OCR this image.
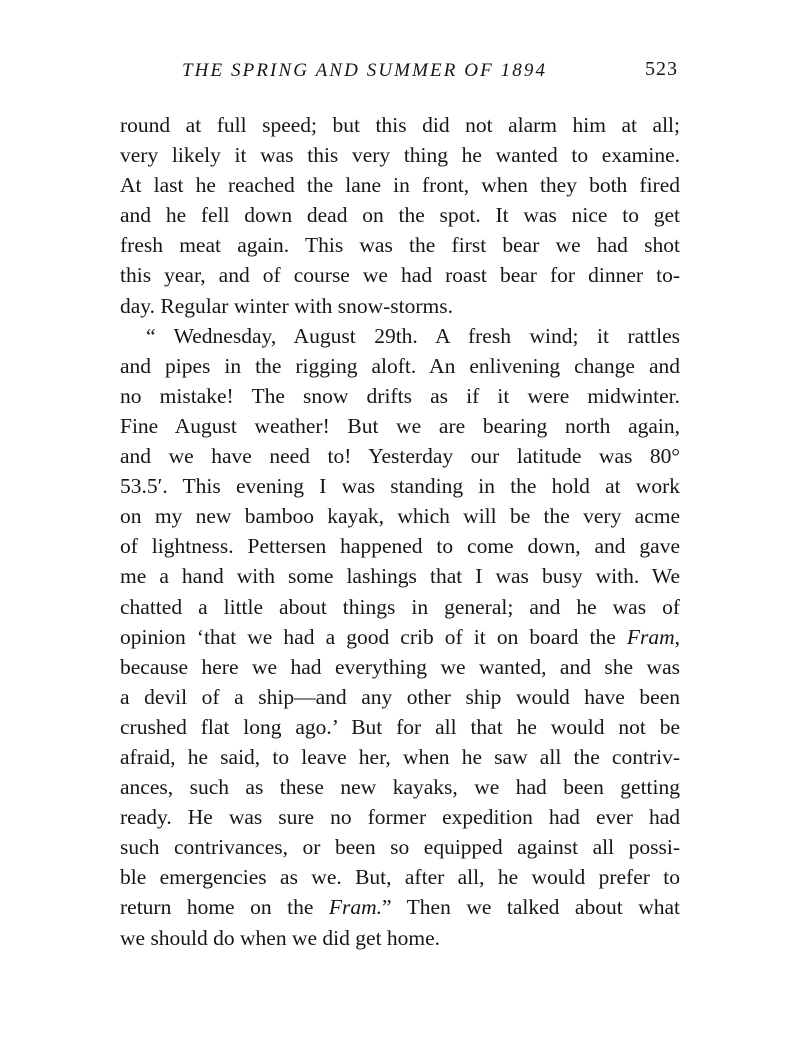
THE SPRING AND SUMMER OF 1894	523
round at full speed; but this did not alarm him at all;
very likely it was this very thing he wanted to examine.
At last he reached the lane in front, when they both fired
and he fell down dead on the spot. It was nice to get
fresh meat again. This was the first bear we had shot
this year, and of course we had roast bear for dinner to-
day. Regular winter with snow-storms.
“ Wednesday, August 29th. A fresh wind; it rattles
and pipes in the rigging aloft. An enlivening change and
no mistake! The snow drifts as if it were midwinter.
Fine August weather! But we are bearing north again,
and we have need to! Yesterday our latitude was 80°
53.5′. This evening I was standing in the hold at work
on my new bamboo kayak, which will be the very acme
of lightness. Pettersen happened to come down, and gave
me a hand with some lashings that I was busy with. We
chatted a little about things in general; and he was of
opinion ‘that we had a good crib of it on board the Fram,
because here we had everything we wanted, and she was
a devil of a ship—and any other ship would have been
crushed flat long ago.’ But for all that he would not be
afraid, he said, to leave her, when he saw all the contriv-
ances, such as these new kayaks, we had been getting
ready. He was sure no former expedition had ever had
such contrivances, or been so equipped against all possi-
ble emergencies as we. But, after all, he would prefer to
return home on the Fram.” Then we talked about what
we should do when we did get home.
